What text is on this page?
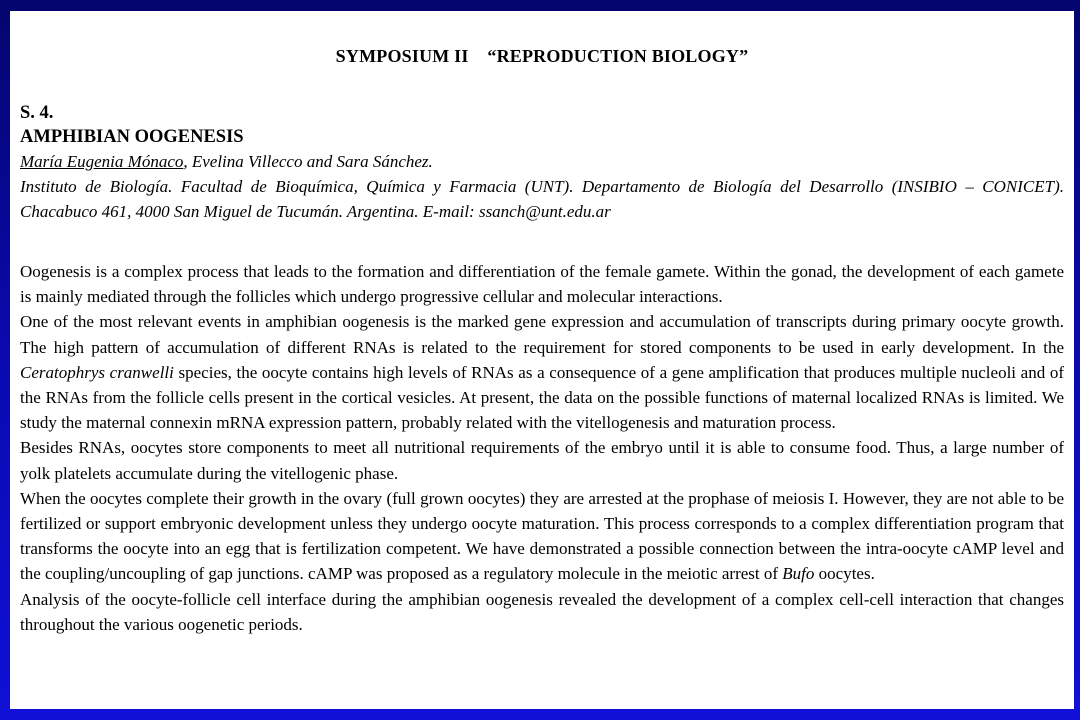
SYMPOSIUM II    “REPRODUCTION BIOLOGY”

S. 4.

AMPHIBIAN OOGENESIS

María Eugenia Mónaco, Evelina Villecco and Sara Sánchez.

Instituto de Biología. Facultad de Bioquímica, Química y Farmacia (UNT). Departamento de Biología del Desarrollo (INSIBIO – CONICET). Chacabuco 461, 4000 San Miguel de Tucumán. Argentina. E-mail: ssanch@unt.edu.ar

Oogenesis is a complex process that leads to the formation and differentiation of the female gamete. Within the gonad, the development of each gamete is mainly mediated through the follicles which undergo progressive cellular and molecular interactions.

One of the most relevant events in amphibian oogenesis is the marked gene expression and accumulation of transcripts during primary oocyte growth. The high pattern of accumulation of different RNAs is related to the requirement for stored components to be used in early development. In the Ceratophrys cranwelli species, the oocyte contains high levels of RNAs as a consequence of a gene amplification that produces multiple nucleoli and of the RNAs from the follicle cells present in the cortical vesicles. At present, the data on the possible functions of maternal localized RNAs is limited. We study the maternal connexin mRNA expression pattern, probably related with the vitellogenesis and maturation process.

Besides RNAs, oocytes store components to meet all nutritional requirements of the embryo until it is able to consume food. Thus, a large number of yolk platelets accumulate during the vitellogenic phase.

When the oocytes complete their growth in the ovary (full grown oocytes) they are arrested at the prophase of meiosis I. However, they are not able to be fertilized or support embryonic development unless they undergo oocyte maturation. This process corresponds to a complex differentiation program that transforms the oocyte into an egg that is fertilization competent. We have demonstrated a possible connection between the intra-oocyte cAMP level and the coupling/uncoupling of gap junctions. cAMP was proposed as a regulatory molecule in the meiotic arrest of Bufo oocytes.

Analysis of the oocyte-follicle cell interface during the amphibian oogenesis revealed the development of a complex cell-cell interaction that changes throughout the various oogenetic periods.
